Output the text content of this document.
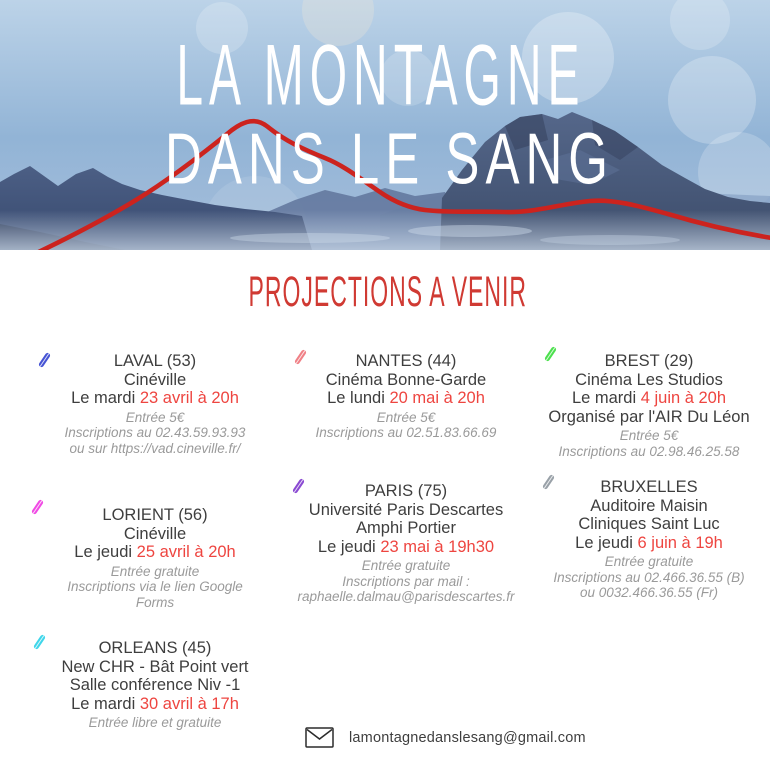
LA MONTAGNE
DANS LE SANG
PROJECTIONS A VENIR
LAVAL (53)
Cinéville
Le mardi 23 avril à 20h
Entrée 5€
Inscriptions au 02.43.59.93.93
ou sur https://vad.cineville.fr/
NANTES (44)
Cinéma Bonne-Garde
Le lundi 20 mai à 20h
Entrée 5€
Inscriptions au 02.51.83.66.69
BREST (29)
Cinéma Les Studios
Le mardi 4 juin à 20h
Organisé par l'AIR Du Léon
Entrée 5€
Inscriptions au 02.98.46.25.58
LORIENT (56)
Cinéville
Le jeudi 25 avril à 20h
Entrée gratuite
Inscriptions via le lien Google
Forms
PARIS (75)
Université Paris Descartes
Amphi Portier
Le jeudi 23 mai à 19h30
Entrée gratuite
Inscriptions par mail :
raphaelle.dalmau@parisdescartes.fr
BRUXELLES
Auditoire Maisin
Cliniques Saint Luc
Le jeudi 6 juin à 19h
Entrée gratuite
Inscriptions au 02.466.36.55 (B)
ou 0032.466.36.55 (Fr)
ORLEANS (45)
New CHR - Bât Point vert
Salle conférence Niv -1
Le mardi 30 avril à 17h
Entrée libre et gratuite
lamontagnedanslesang@gmail.com
